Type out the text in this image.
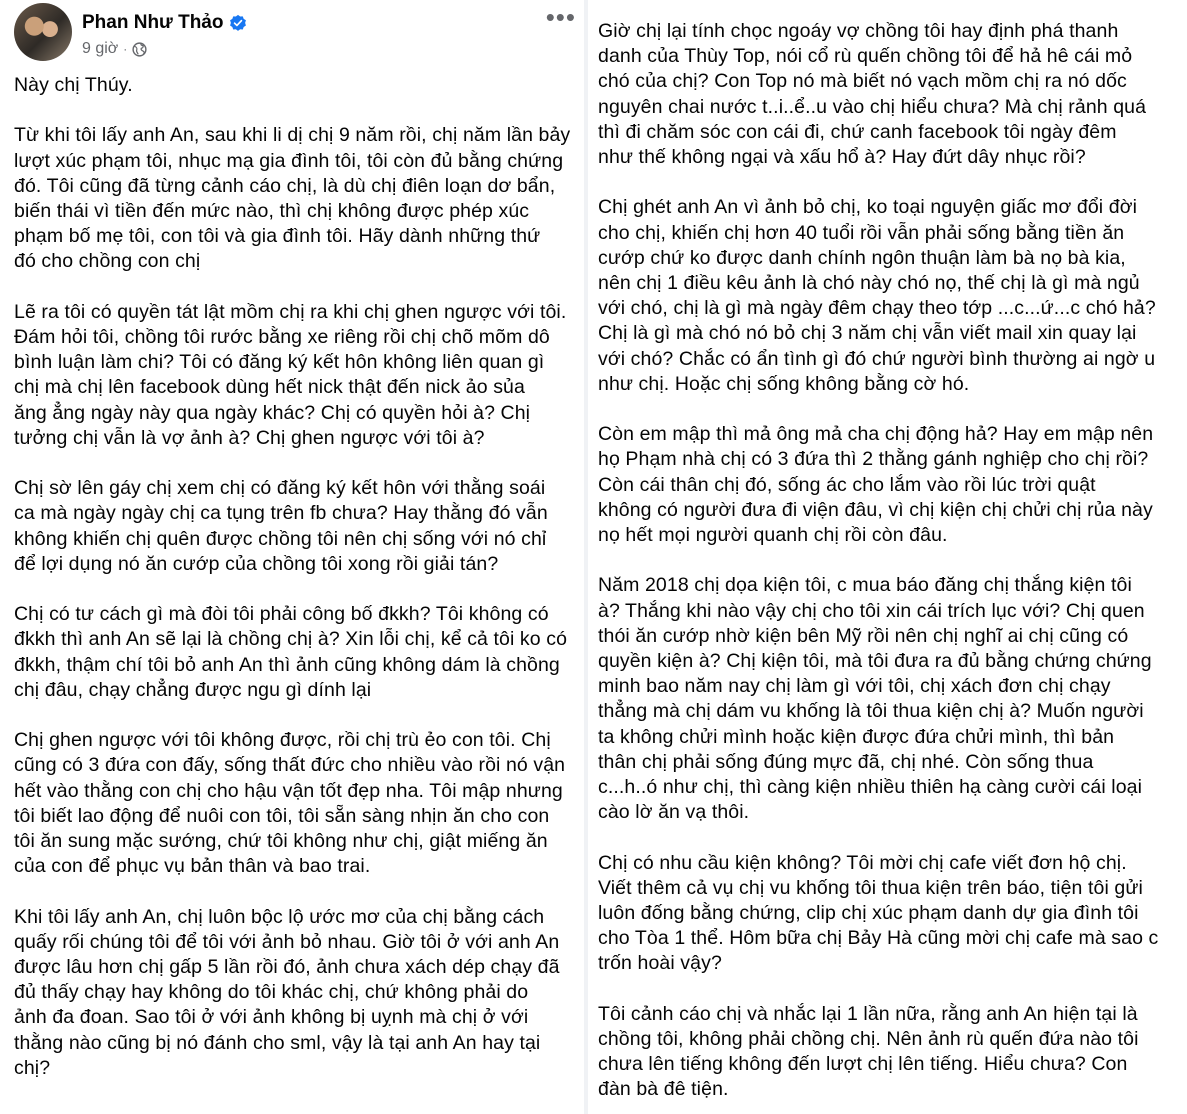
Phan Như Thảo
9 giờ ·
•••

Này chị Thúy.

Từ khi tôi lấy anh An, sau khi li dị chị 9 năm rồi, chị năm lần bảy
lượt xúc phạm tôi, nhục mạ gia đình tôi, tôi còn đủ bằng chứng
đó. Tôi cũng đã từng cảnh cáo chị, là dù chị điên loạn dơ bẩn,
biến thái vì tiền đến mức nào, thì chị không được phép xúc
phạm bố mẹ tôi, con tôi và gia đình tôi. Hãy dành những thứ
đó cho chồng con chị

Lẽ ra tôi có quyền tát lật mồm chị ra khi chị ghen ngược với tôi.
Đám hỏi tôi, chồng tôi rước bằng xe riêng rồi chị chõ mõm dô
bình luận làm chi? Tôi có đăng ký kết hôn không liên quan gì
chị mà chị lên facebook dùng hết nick thật đến nick ảo sủa
ăng ẳng ngày này qua ngày khác? Chị có quyền hỏi à? Chị
tưởng chị vẫn là vợ ảnh à? Chị ghen ngược với tôi à?

Chị sờ lên gáy chị xem chị có đăng ký kết hôn với thằng soái
ca mà ngày ngày chị ca tụng trên fb chưa? Hay thằng đó vẫn
không khiến chị quên được chồng tôi nên chị sống với nó chỉ
để lợi dụng nó ăn cướp của chồng tôi xong rồi giải tán?

Chị có tư cách gì mà đòi tôi phải công bố đkkh? Tôi không có
đkkh thì anh An sẽ lại là chồng chị à? Xin lỗi chị, kể cả tôi ko có
đkkh, thậm chí tôi bỏ anh An thì ảnh cũng không dám là chồng
chị đâu, chạy chẳng được ngu gì dính lại

Chị ghen ngược với tôi không được, rồi chị trù ẻo con tôi. Chị
cũng có 3 đứa con đấy, sống thất đức cho nhiều vào rồi nó vận
hết vào thằng con chị cho hậu vận tốt đẹp nha. Tôi mập nhưng
tôi biết lao động để nuôi con tôi, tôi sẵn sàng nhịn ăn cho con
tôi ăn sung mặc sướng, chứ tôi không như chị, giật miếng ăn
của con để phục vụ bản thân và bao trai.

Khi tôi lấy anh An, chị luôn bộc lộ ước mơ của chị bằng cách
quấy rối chúng tôi để tôi với ảnh bỏ nhau. Giờ tôi ở với anh An
được lâu hơn chị gấp 5 lần rồi đó, ảnh chưa xách dép chạy đã
đủ thấy chạy hay không do tôi khác chị, chứ không phải do
ảnh đa đoan. Sao tôi ở với ảnh không bị uỵnh mà chị ở với
thằng nào cũng bị nó đánh cho sml, vậy là tại anh An hay tại
chị?

Giờ chị lại tính chọc ngoáy vợ chồng tôi hay định phá thanh
danh của Thùy Top, nói cổ rù quến chồng tôi để hả hê cái mỏ
chó của chị? Con Top nó mà biết nó vạch mồm chị ra nó dốc
nguyên chai nước t..i..ể..u vào chị hiểu chưa? Mà chị rảnh quá
thì đi chăm sóc con cái đi, chứ canh facebook tôi ngày đêm
như thế không ngại và xấu hổ à? Hay đứt dây nhục rồi?

Chị ghét anh An vì ảnh bỏ chị, ko toại nguyện giấc mơ đổi đời
cho chị, khiến chị hơn 40 tuổi rồi vẫn phải sống bằng tiền ăn
cướp chứ ko được danh chính ngôn thuận làm bà nọ bà kia,
nên chị 1 điều kêu ảnh là chó này chó nọ, thế chị là gì mà ngủ
với chó, chị là gì mà ngày đêm chạy theo tớp ...c...ứ...c chó hả?
Chị là gì mà chó nó bỏ chị 3 năm chị vẫn viết mail xin quay lại
với chó? Chắc có ẩn tình gì đó chứ người bình thường ai ngờ u
như chị. Hoặc chị sống không bằng cờ hó.

Còn em mập thì mả ông mả cha chị động hả? Hay em mập nên
họ Phạm nhà chị có 3 đứa thì 2 thằng gánh nghiệp cho chị rồi?
Còn cái thân chị đó, sống ác cho lắm vào rồi lúc trời quật
không có người đưa đi viện đâu, vì chị kiện chị chửi chị rủa này
nọ hết mọi người quanh chị rồi còn đâu.

Năm 2018 chị dọa kiện tôi, c mua báo đăng chị thắng kiện tôi
à? Thắng khi nào vậy chị cho tôi xin cái trích lục với? Chị quen
thói ăn cướp nhờ kiện bên Mỹ rồi nên chị nghĩ ai chị cũng có
quyền kiện à? Chị kiện tôi, mà tôi đưa ra đủ bằng chứng chứng
minh bao năm nay chị làm gì với tôi, chị xách đơn chị chạy
thẳng mà chị dám vu khống là tôi thua kiện chị à? Muốn người
ta không chửi mình hoặc kiện được đứa chửi mình, thì bản
thân chị phải sống đúng mực đã, chị nhé. Còn sống thua
c...h..ó như chị, thì càng kiện nhiều thiên hạ càng cười cái loại
cào lờ ăn vạ thôi.

Chị có nhu cầu kiện không? Tôi mời chị cafe viết đơn hộ chị.
Viết thêm cả vụ chị vu khống tôi thua kiện trên báo, tiện tôi gửi
luôn đống bằng chứng, clip chị xúc phạm danh dự gia đình tôi
cho Tòa 1 thể. Hôm bữa chị Bảy Hà cũng mời chị cafe mà sao c
trốn hoài vậy?

Tôi cảnh cáo chị và nhắc lại 1 lần nữa, rằng anh An hiện tại là
chồng tôi, không phải chồng chị. Nên ảnh rù quến đứa nào tôi
chưa lên tiếng không đến lượt chị lên tiếng. Hiểu chưa? Con
đàn bà đê tiện.
